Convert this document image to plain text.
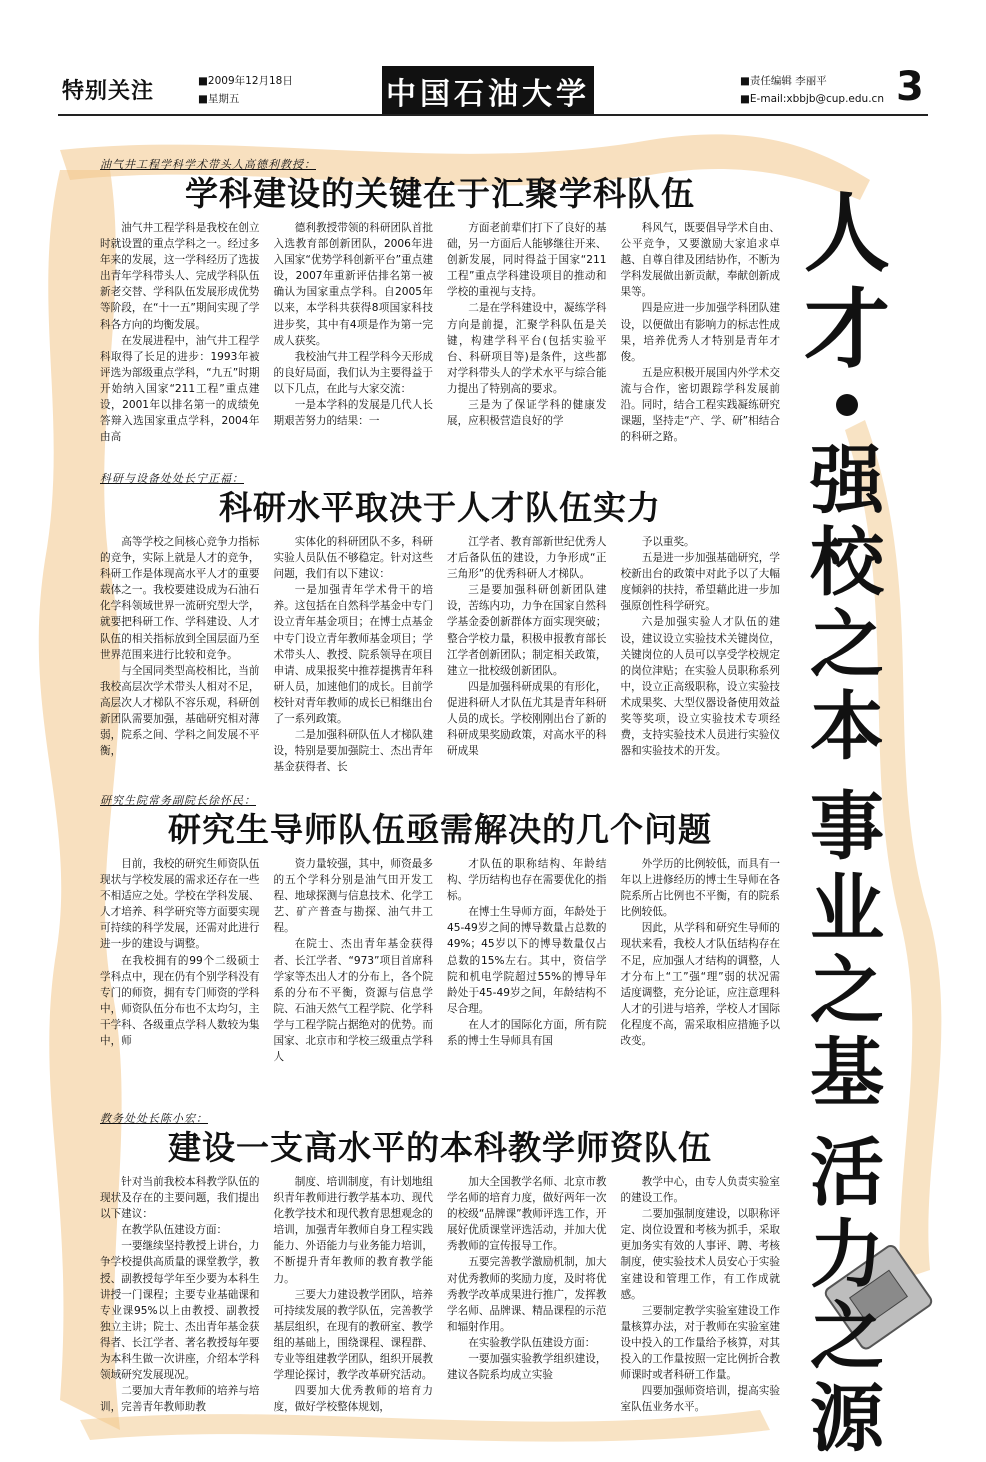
特别关注	■2009年12月18日
■星期五	中国石油大学	■责任编辑 李丽平
■E-mail:xbbjb@cup.edu.cn 3
油气井工程学科学术带头人高德利教授：
学科建设的关键在于汇聚学科队伍

油气井工程学科是我校在创立时就设置的重点学科之一。经过多年来的发展，这一学科经历了选拔出青年学科带头人、完成学科队伍新老交替、学科队伍发展形成优势等阶段，在“十一五”期间实现了学科各方向的均衡发展。

在发展进程中，油气井工程学科取得了长足的进步：1993年被评选为部级重点学科，“九五”时期开始纳入国家“211工程”重点建设，2001年以排名第一的成绩免答辩入选国家重点学科，2004年由高

德利教授带领的科研团队首批入选教育部创新团队，2006年进入国家“优势学科创新平台”重点建设，2007年重新评估排名第一被确认为国家重点学科。自2005年以来，本学科共获得8项国家科技进步奖，其中有4项是作为第一完成人获奖。

我校油气井工程学科今天形成的良好局面，我们认为主要得益于以下几点，在此与大家交流：

一是本学科的发展是几代人长期艰苦努力的结果：一

方面老前辈们打下了良好的基础，另一方面后人能够继往开来、创新发展，同时得益于国家“211工程”重点学科建设项目的推动和学校的重视与支持。

二是在学科建设中，凝练学科方向是前提，汇聚学科队伍是关键，构建学科平台(包括实验平台、科研项目等)是条件，这些都对学科带头人的学术水平与综合能力提出了特别高的要求。

三是为了保证学科的健康发展，应积极营造良好的学

科风气，既要倡导学术自由、公平竞争，又要激励大家追求卓越、自尊自律及团结协作，不断为学科发展做出新贡献，奉献创新成果等。

四是应进一步加强学科团队建设，以便做出有影响力的标志性成果，培养优秀人才特别是青年才俊。

五是应积极开展国内外学术交流与合作，密切跟踪学科发展前沿。同时，结合工程实践凝练研究课题，坚持走“产、学、研”相结合的科研之路。

科研与设备处处长宁正福：
科研水平取决于人才队伍实力

高等学校之间核心竞争力指标的竞争，实际上就是人才的竞争，科研工作是体现高水平人才的重要载体之一。我校要建设成为石油石化学科领域世界一流研究型大学，就要把科研工作、学科建设、人才队伍的相关指标放到全国层面乃至世界范围来进行比较和竞争。

与全国同类型高校相比，当前我校高层次学术带头人相对不足，高层次人才梯队不容乐观，科研创新团队需要加强，基础研究相对薄弱，院系之间、学科之间发展不平衡，

实体化的科研团队不多，科研实验人员队伍不够稳定。针对这些问题，我们有以下建议：

一是加强青年学术骨干的培养。这包括在自然科学基金中专门设立青年基金项目；在博士点基金中专门设立青年教师基金项目；学术带头人、教授、院系领导在项目申请、成果报奖中推荐提携青年科研人员，加速他们的成长。目前学校针对青年教师的成长已相继出台了一系列政策。

二是加强科研队伍人才梯队建设，特别是要加强院士、杰出青年基金获得者、长

江学者、教育部新世纪优秀人才后备队伍的建设，力争形成“正三角形”的优秀科研人才梯队。

三是要加强科研创新团队建设，苦练内功，力争在国家自然科学基金委创新群体方面实现突破；整合学校力量，积极申报教育部长江学者创新团队；制定相关政策，建立一批校级创新团队。

四是加强科研成果的有形化，促进科研人才队伍尤其是青年科研人员的成长。学校刚刚出台了新的科研成果奖励政策，对高水平的科研成果

予以重奖。

五是进一步加强基础研究，学校新出台的政策中对此予以了大幅度倾斜的扶持，希望藉此进一步加强原创性科学研究。

六是加强实验人才队伍的建设，建议设立实验技术关键岗位，关键岗位的人员可以享受学校规定的岗位津贴；在实验人员职称系列中，设立正高级职称，设立实验技术成果奖、大型仪器设备使用效益奖等奖项，设立实验技术专项经费，支持实验技术人员进行实验仪器和实验技术的开发。

研究生院常务副院长徐怀民：
研究生导师队伍亟需解决的几个问题

目前，我校的研究生师资队伍现状与学校发展的需求还存在一些不相适应之处。学校在学科发展、人才培养、科学研究等方面要实现可持续的科学发展，还需对此进行进一步的建设与调整。

在我校拥有的99个二级硕士学科点中，现在仍有个别学科没有专门的师资，拥有专门师资的学科中，师资队伍分布也不太均匀，主干学科、各级重点学科人数较为集中，师

资力量较强，其中，师资最多的五个学科分别是油气田开发工程、地球探测与信息技术、化学工艺、矿产普查与勘探、油气井工程。

在院士、杰出青年基金获得者、长江学者、“973”项目首席科学家等杰出人才的分布上，各个院系的分布不平衡，资源与信息学院、石油天然气工程学院、化学科学与工程学院占据绝对的优势。而国家、北京市和学校三级重点学科人

才队伍的职称结构、年龄结构、学历结构也存在需要优化的指标。

在博士生导师方面，年龄处于45-49岁之间的博导数量占总数的49%；45岁以下的博导数量仅占总数的15%左右。其中，资信学院和机电学院超过55%的博导年龄处于45-49岁之间，年龄结构不尽合理。

在人才的国际化方面，所有院系的博士生导师具有国

外学历的比例较低，而具有一年以上进修经历的博士生导师在各院系所占比例也不平衡，有的院系比例较低。

因此，从学科和研究生导师的现状来看，我校人才队伍结构存在不足，应加强人才结构的调整，人才分布上“工”强“理”弱的状况需适度调整，充分论证，应注意理科人才的引进与培养，学校人才国际化程度不高，需采取相应措施予以改变。

教务处处长陈小宏：
建设一支高水平的本科教学师资队伍

针对当前我校本科教学队伍的现状及存在的主要问题，我们提出以下建议：

在教学队伍建设方面：

一要继续坚持教授上讲台，力争学校提供高质量的课堂教学，教授、副教授每学年至少要为本科生讲授一门课程；主要专业基础课和专业课95%以上由教授、副教授独立主讲；院士、杰出青年基金获得者、长江学者、著名教授每年要为本科生做一次讲座，介绍本学科领域研究发展现况。

二要加大青年教师的培养与培训，完善青年教师助教

制度、培训制度，有计划地组织青年教师进行教学基本功、现代化教学技术和现代教育思想观念的培训，加强青年教师自身工程实践能力、外语能力与业务能力培训，不断提升青年教师的教育教学能力。

三要大力建设教学团队，培养可持续发展的教学队伍，完善教学基层组织，在现有的教研室、教学组的基础上，围绕课程、课程群、专业等组建教学团队，组织开展教学理论探讨，教学改革研究活动。

四要加大优秀教师的培育力度，做好学校整体规划，

加大全国教学名师、北京市教学名师的培育力度，做好两年一次的校级“品牌课”教师评选工作，开展好优质课堂评选活动，并加大优秀教师的宣传报导工作。

五要完善教学激励机制，加大对优秀教师的奖励力度，及时将优秀教学改革成果进行推广，发挥教学名师、品牌课、精品课程的示范和辐射作用。

在实验教学队伍建设方面：

一要加强实验教学组织建设，建议各院系均成立实验

教学中心，由专人负责实验室的建设工作。

二要加强制度建设，以职称评定、岗位设置和考核为抓手，采取更加务实有效的人事评、聘、考核制度，使实验技术人员安心于实验室建设和管理工作，有工作成就感。

三要制定教学实验室建设工作量核算办法，对于教师在实验室建设中投入的工作量给予核算，对其投入的工作量按照一定比例折合教师课时或者科研工作量。

四要加强师资培训，提高实验室队伍业务水平。

人
才
强
校
之
本
事
业
之
基
活
力
之
源
